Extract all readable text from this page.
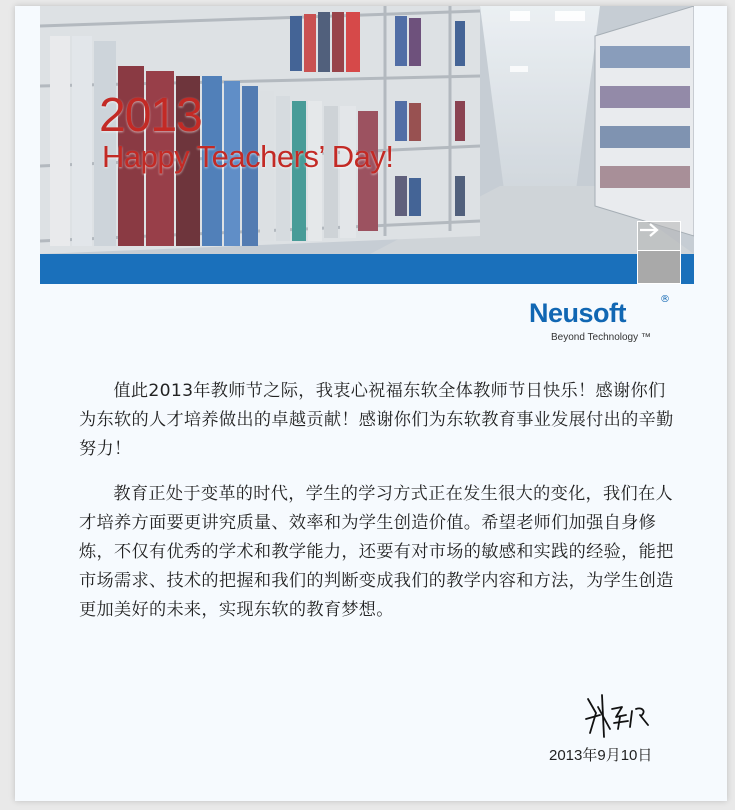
2013
Happy Teachers’ Day!
Neusoft	®
Beyond Technology ™

值此2013年教师节之际，我衷心祝福东软全体教师节日快乐！感谢你们为东软的人才培养做出的卓越贡献！感谢你们为东软教育事业发展付出的辛勤努力！

教育正处于变革的时代，学生的学习方式正在发生很大的变化，我们在人才培养方面要更讲究质量、效率和为学生创造价值。希望老师们加强自身修炼，不仅有优秀的学术和教学能力，还要有对市场的敏感和实践的经验，能把市场需求、技术的把握和我们的判断变成我们的教学内容和方法，为学生创造更加美好的未来，实现东软的教育梦想。

2013年9月10日
